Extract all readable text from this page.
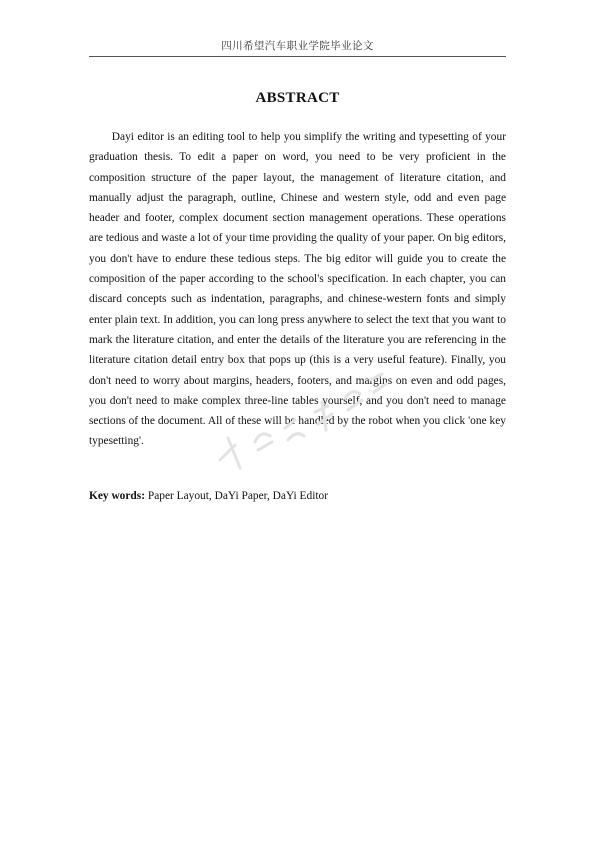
四川希望汽车职业学院毕业论文
ABSTRACT

Dayi editor is an editing tool to help you simplify the writing and typesetting of your graduation thesis. To edit a paper on word, you need to be very proficient in the composition structure of the paper layout, the management of literature citation, and manually adjust the paragraph, outline, Chinese and western style, odd and even page header and footer, complex document section management operations. These operations are tedious and waste a lot of your time providing the quality of your paper. On big editors, you don't have to endure these tedious steps. The big editor will guide you to create the composition of the paper according to the school's specification. In each chapter, you can discard concepts such as indentation, paragraphs, and chinese-western fonts and simply enter plain text. In addition, you can long press anywhere to select the text that you want to mark the literature citation, and enter the details of the literature you are referencing in the literature citation detail entry box that pops up (this is a very useful feature). Finally, you don't need to worry about margins, headers, footers, and margins on even and odd pages, you don't need to make complex three-line tables yourself, and you don't need to manage sections of the document. All of these will be handled by the robot when you click 'one key typesetting'.

Key words: Paper Layout, DaYi Paper, DaYi Editor
